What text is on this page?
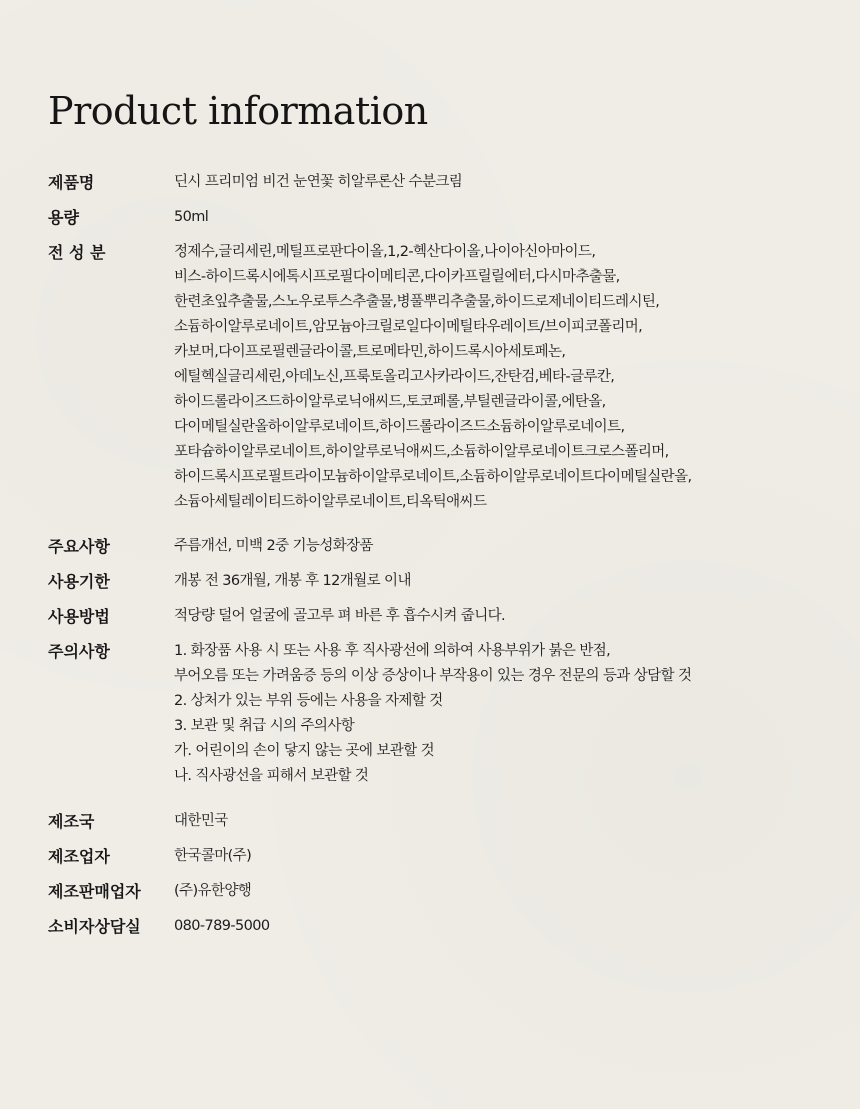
Product information
제품명	딘시 프리미엄 비건 눈연꽃 히알루론산 수분크림
용량	50ml
전 성 분	정제수,글리세린,메틸프로판다이올,1,2-헥산다이올,나이아신아마이드,
비스-하이드록시에톡시프로필다이메티콘,다이카프릴릴에터,다시마추출물,
한련초잎추출물,스노우로투스추출물,병풀뿌리추출물,하이드로제네이티드레시틴,
소듐하이알루로네이트,암모늄아크릴로일다이메틸타우레이트/브이피코폴리머,
카보머,다이프로필렌글라이콜,트로메타민,하이드록시아세토페논,
에틸헥실글리세린,아데노신,프룩토올리고사카라이드,잔탄검,베타-글루칸,
하이드롤라이즈드하이알루로닉애씨드,토코페롤,부틸렌글라이콜,에탄올,
다이메틸실란올하이알루로네이트,하이드롤라이즈드소듐하이알루로네이트,
포타슘하이알루로네이트,하이알루로닉애씨드,소듐하이알루로네이트크로스폴리머,
하이드록시프로필트라이모늄하이알루로네이트,소듐하이알루로네이트다이메틸실란올,
소듐아세틸레이티드하이알루로네이트,티옥틱애씨드
주요사항	주름개선, 미백 2중 기능성화장품
사용기한	개봉 전 36개월, 개봉 후 12개월로 이내
사용방법	적당량 덜어 얼굴에 골고루 펴 바른 후 흡수시켜 줍니다.
주의사항	1. 화장품 사용 시 또는 사용 후 직사광선에 의하여 사용부위가 붉은 반점,
부어오름 또는 가려움증 등의 이상 증상이나 부작용이 있는 경우 전문의 등과 상담할 것
2. 상처가 있는 부위 등에는 사용을 자제할 것
3. 보관 및 취급 시의 주의사항
가. 어린이의 손이 닿지 않는 곳에 보관할 것
나. 직사광선을 피해서 보관할 것
제조국	대한민국
제조업자	한국콜마(주)
제조판매업자	(주)유한양행
소비자상담실	080-789-5000
